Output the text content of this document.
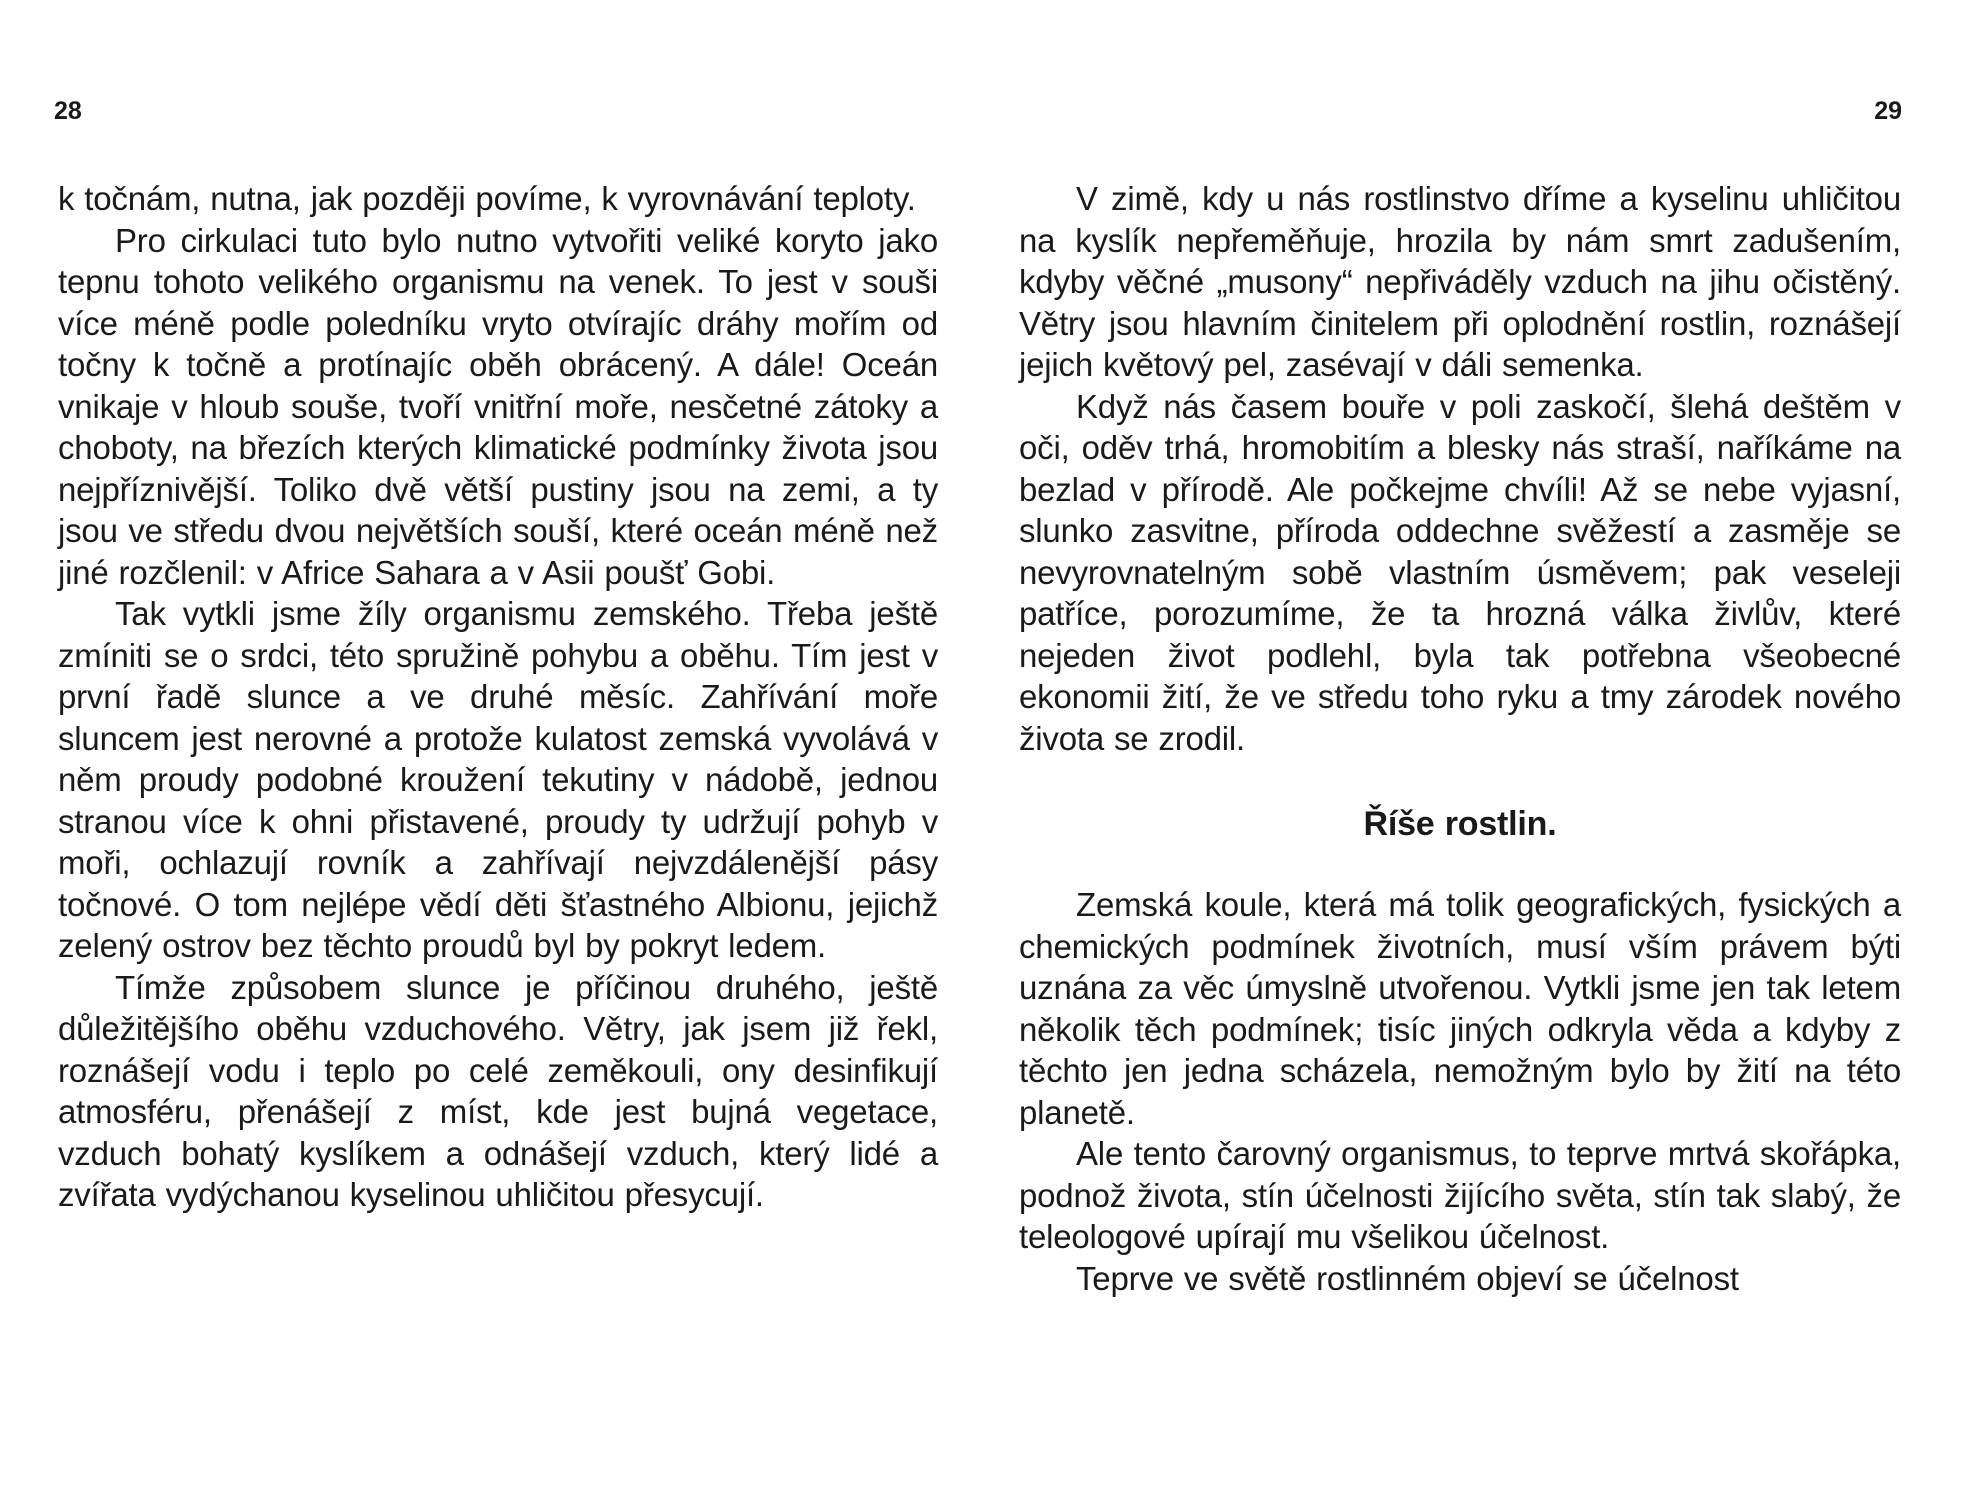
28

k točnám, nutna, jak později povíme, k vyrovnávání teploty.

Pro cirkulaci tuto bylo nutno vytvořiti veliké koryto jako tepnu tohoto velikého organismu na venek. To jest v souši více méně podle poledníku vryto otvírajíc dráhy mořím od točny k točně a protínajíc oběh obrácený. A dále! Oceán vnikaje v hloub souše, tvoří vnitřní moře, nesčetné zátoky a choboty, na březích kterých klimatické podmínky života jsou nejpříznivější. Toliko dvě větší pustiny jsou na zemi, a ty jsou ve středu dvou největších souší, které oceán méně než jiné rozčlenil: v Africe Sahara a v Asii poušť Gobi.

Tak vytkli jsme žíly organismu zemského. Třeba ještě zmíniti se o srdci, této spružině pohybu a oběhu. Tím jest v první řadě slunce a ve druhé měsíc. Zahřívání moře sluncem jest nerovné a protože kulatost zemská vyvolává v něm proudy podobné kroužení tekutiny v nádobě, jednou stranou více k ohni přistavené, proudy ty udržují pohyb v moři, ochlazují rovník a zahřívají nejvzdálenější pásy točnové. O tom nejlépe vědí děti šťastného Albionu, jejichž zelený ostrov bez těchto proudů byl by pokryt ledem.

Tímže způsobem slunce je příčinou druhého, ještě důležitějšího oběhu vzduchového. Větry, jak jsem již řekl, roznášejí vodu i teplo po celé zeměkouli, ony desinfikují atmosféru, přenášejí z míst, kde jest bujná vegetace, vzduch bohatý kyslíkem a odnášejí vzduch, který lidé a zvířata vydýchanou kyselinou uhličitou přesycují.

29

V zimě, kdy u nás rostlinstvo dříme a kyselinu uhličitou na kyslík nepřeměňuje, hrozila by nám smrt zadušením, kdyby věčné „musony“ nepřiváděly vzduch na jihu očistěný. Větry jsou hlavním činitelem při oplodnění rostlin, roznášejí jejich květový pel, zasévají v dáli semenka.

Když nás časem bouře v poli zaskočí, šlehá deštěm v oči, oděv trhá, hromobitím a blesky nás straší, naříkáme na bezlad v přírodě. Ale počkejme chvíli! Až se nebe vyjasní, slunko zasvitne, příroda oddechne svěžestí a zasměje se nevyrovnatelným sobě vlastním úsměvem; pak veseleji patříce, porozumíme, že ta hrozná válka živlův, které nejeden život podlehl, byla tak potřebna všeobecné ekonomii žití, že ve středu toho ryku a tmy zárodek nového života se zrodil.

Říše rostlin.

Zemská koule, která má tolik geografických, fysických a chemických podmínek životních, musí vším právem býti uznána za věc úmyslně utvořenou. Vytkli jsme jen tak letem několik těch podmínek; tisíc jiných odkryla věda a kdyby z těchto jen jedna scházela, nemožným bylo by žití na této planetě.

Ale tento čarovný organismus, to teprve mrtvá skořápka, podnož života, stín účelnosti žijícího světa, stín tak slabý, že teleologové upírají mu všelikou účelnost.

Teprve ve světě rostlinném objeví se účelnost
